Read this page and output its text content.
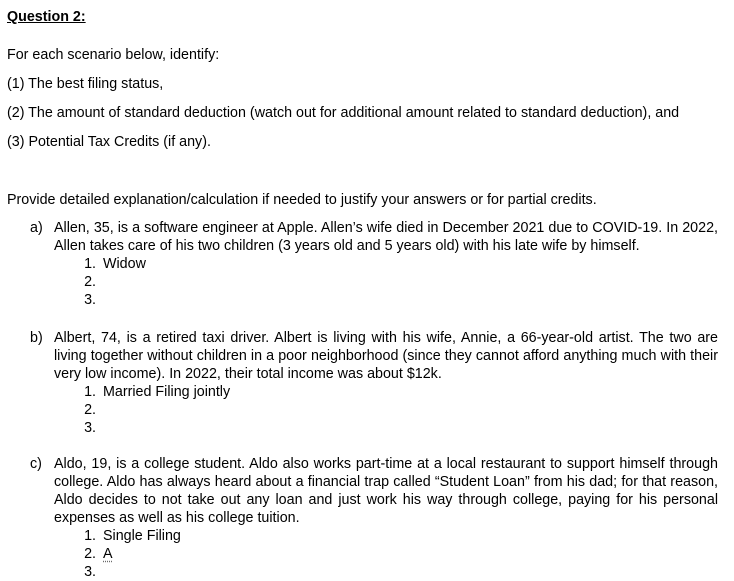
Question 2:
For each scenario below, identify:
(1) The best filing status,
(2) The amount of standard deduction (watch out for additional amount related to standard deduction), and
(3) Potential Tax Credits (if any).
Provide detailed explanation/calculation if needed to justify your answers or for partial credits.
a) Allen, 35, is a software engineer at Apple. Allen’s wife died in December 2021 due to COVID-19. In 2022, Allen takes care of his two children (3 years old and 5 years old) with his late wife by himself.
1. Widow
2.
3.
b) Albert, 74, is a retired taxi driver. Albert is living with his wife, Annie, a 66-year-old artist. The two are living together without children in a poor neighborhood (since they cannot afford anything much with their very low income). In 2022, their total income was about $12k.
1. Married Filing jointly
2.
3.
c) Aldo, 19, is a college student. Aldo also works part-time at a local restaurant to support himself through college. Aldo has always heard about a financial trap called “Student Loan” from his dad; for that reason, Aldo decides to not take out any loan and just work his way through college, paying for his personal expenses as well as his college tuition.
1. Single Filing
2. A
3.
